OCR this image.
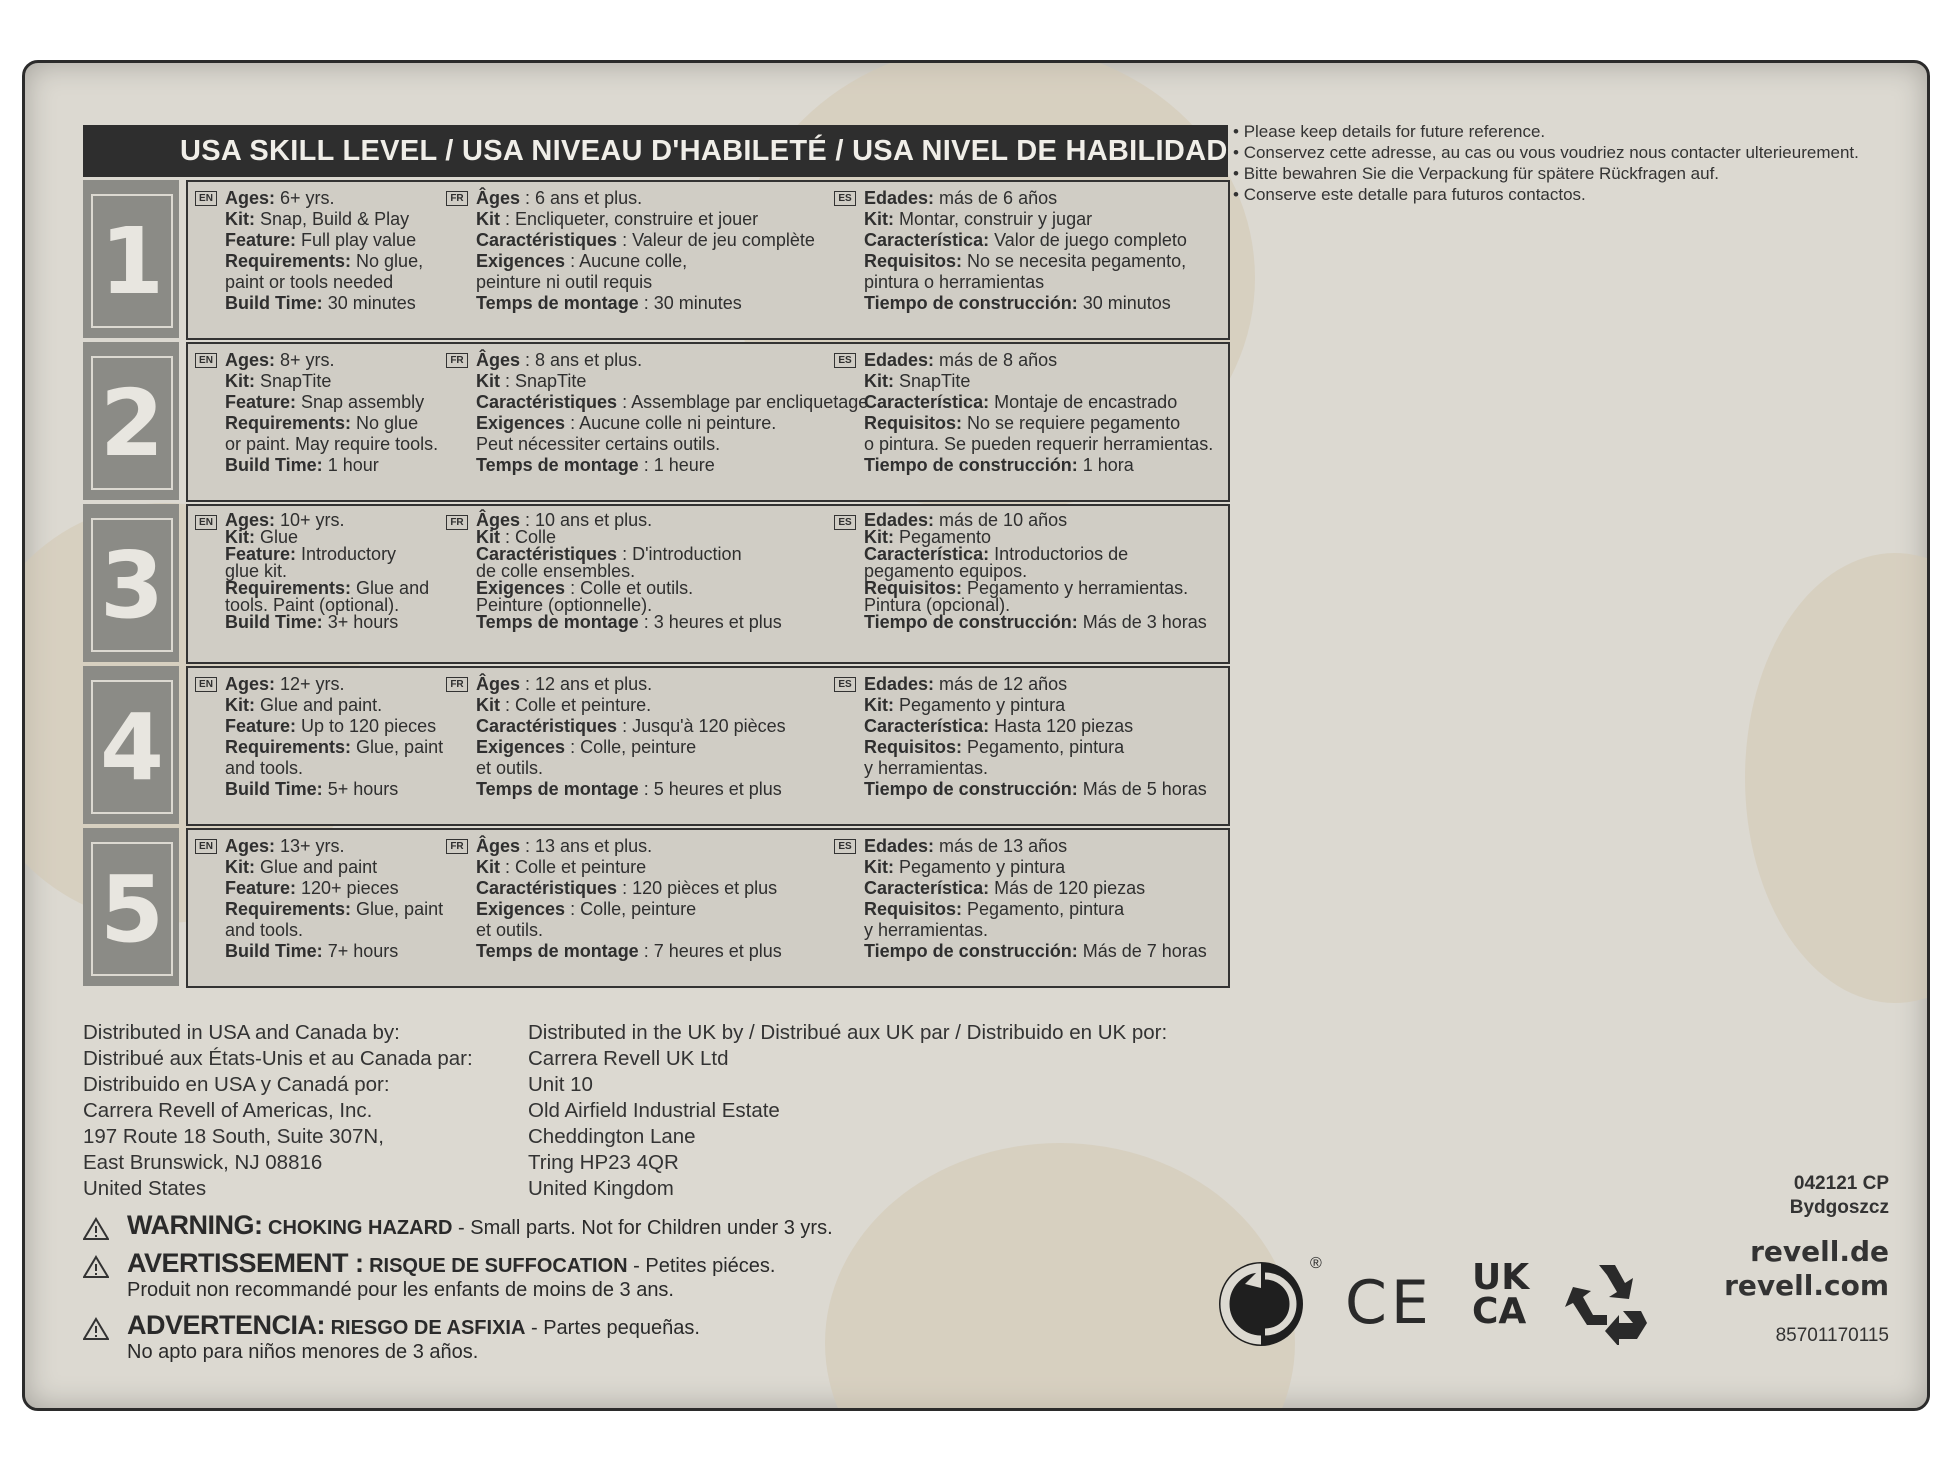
• Please keep details for future reference.
• Conservez cette adresse, au cas ou vous voudriez nous contacter ulterieurement.
• Bitte bewahren Sie die Verpackung für spätere Rückfragen auf.
• Conserve este detalle para futuros contactos.
USA SKILL LEVEL / USA NIVEAU D'HABILETÉ / USA NIVEL DE HABILIDAD
1
EN Ages: 6+ yrs.
Kit: Snap, Build & Play
Feature: Full play value
Requirements: No glue,
paint or tools needed
Build Time: 30 minutes
FR Âges : 6 ans et plus.
Kit : Encliqueter, construire et jouer
Caractéristiques : Valeur de jeu complète
Exigences : Aucune colle,
peinture ni outil requis
Temps de montage : 30 minutes
ES Edades: más de 6 años
Kit: Montar, construir y jugar
Característica: Valor de juego completo
Requisitos: No se necesita pegamento,
pintura o herramientas
Tiempo de construcción: 30 minutos
2
EN Ages: 8+ yrs.
Kit: SnapTite
Feature: Snap assembly
Requirements: No glue
or paint. May require tools.
Build Time: 1 hour
FR Âges : 8 ans et plus.
Kit : SnapTite
Caractéristiques : Assemblage par encliquetage
Exigences : Aucune colle ni peinture.
Peut nécessiter certains outils.
Temps de montage : 1 heure
ES Edades: más de 8 años
Kit: SnapTite
Característica: Montaje de encastrado
Requisitos: No se requiere pegamento
o pintura. Se pueden requerir herramientas.
Tiempo de construcción: 1 hora
3
EN Ages: 10+ yrs.
Kit: Glue
Feature: Introductory
glue kit.
Requirements: Glue and
tools. Paint (optional).
Build Time: 3+ hours
FR Âges : 10 ans et plus.
Kit : Colle
Caractéristiques : D'introduction
de colle ensembles.
Exigences : Colle et outils.
Peinture (optionnelle).
Temps de montage : 3 heures et plus
ES Edades: más de 10 años
Kit: Pegamento
Característica: Introductorios de
pegamento equipos.
Requisitos: Pegamento y herramientas.
Pintura (opcional).
Tiempo de construcción: Más de 3 horas
4
EN Ages: 12+ yrs.
Kit: Glue and paint.
Feature: Up to 120 pieces
Requirements: Glue, paint
and tools.
Build Time: 5+ hours
FR Âges : 12 ans et plus.
Kit : Colle et peinture.
Caractéristiques : Jusqu'à 120 pièces
Exigences : Colle, peinture
et outils.
Temps de montage : 5 heures et plus
ES Edades: más de 12 años
Kit: Pegamento y pintura
Característica: Hasta 120 piezas
Requisitos: Pegamento, pintura
y herramientas.
Tiempo de construcción: Más de 5 horas
5
EN Ages: 13+ yrs.
Kit: Glue and paint
Feature: 120+ pieces
Requirements: Glue, paint
and tools.
Build Time: 7+ hours
FR Âges : 13 ans et plus.
Kit : Colle et peinture
Caractéristiques : 120 pièces et plus
Exigences : Colle, peinture
et outils.
Temps de montage : 7 heures et plus
ES Edades: más de 13 años
Kit: Pegamento y pintura
Característica: Más de 120 piezas
Requisitos: Pegamento, pintura
y herramientas.
Tiempo de construcción: Más de 7 horas
Distributed in USA and Canada by:
Distribué aux États-Unis et au Canada par:
Distribuido en USA y Canadá por:
Carrera Revell of Americas, Inc.
197 Route 18 South, Suite 307N,
East Brunswick, NJ 08816
United States
Distributed in the UK by / Distribué aux UK par / Distribuido en UK por:
Carrera Revell UK Ltd
Unit 10
Old Airfield Industrial Estate
Cheddington Lane
Tring HP23 4QR
United Kingdom
WARNING: CHOKING HAZARD - Small parts. Not for Children under 3 yrs.
AVERTISSEMENT : RISQUE DE SUFFOCATION - Petites piéces.
Produit non recommandé pour les enfants de moins de 3 ans.
ADVERTENCIA: RIESGO DE ASFIXIA - Partes pequeñas.
No apto para niños menores de 3 años.
®
CE UK
CA
042121 CP
Bydgoszcz
revell.de
revell.com
85701170115
